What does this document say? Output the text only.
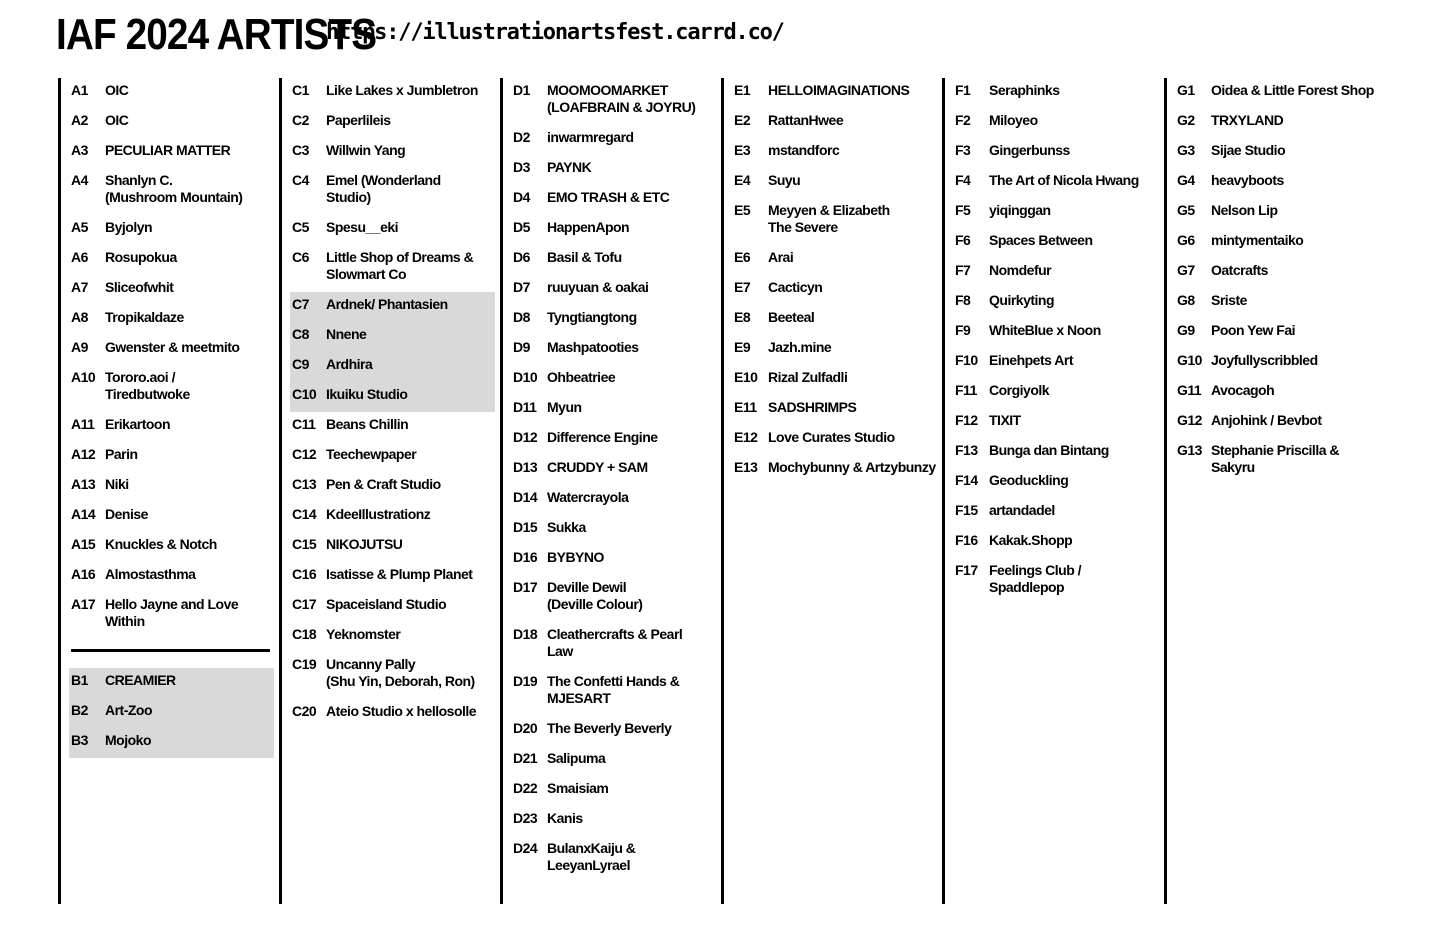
IAF 2024 ARTISTS
https://illustrationartsfest.carrd.co/
A1	OIC
A2	OIC
A3	PECULIAR MATTER
A4	Shanlyn C.
(Mushroom Mountain)
A5	Byjolyn
A6	Rosupokua
A7	Sliceofwhit
A8	Tropikaldaze
A9	Gwenster & meetmito
A10 Tororo.aoi /
Tiredbutwoke
A11 Erikartoon
A12 Parin
A13 Niki
A14 Denise
A15 Knuckles & Notch
A16 Almostasthma
A17 Hello Jayne and Love
Within
B1	CREAMIER
B2	Art-Zoo
B3	Mojoko
C1	Like Lakes x Jumbletron
C2	Paperlileis
C3	Willwin Yang
C4	Emel (Wonderland
Studio)
C5	Spesu__eki
C6	Little Shop of Dreams &
Slowmart Co
C7	Ardnek/ Phantasien
C8	Nnene
C9	Ardhira
C10 Ikuiku Studio
C11 Beans Chillin
C12 Teechewpaper
C13 Pen & Craft Studio
C14 KdeeIllustrationz
C15 NIKOJUTSU
C16 Isatisse & Plump Planet
C17 Spaceisland Studio
C18 Yeknomster
C19 Uncanny Pally
(Shu Yin, Deborah, Ron)
C20 Ateio Studio x hellosolle
D1	MOOMOOMARKET
(LOAFBRAIN & JOYRU)
D2	inwarmregard
D3	PAYNK
D4	EMO TRASH & ETC
D5	HappenApon
D6	Basil & Tofu
D7	ruuyuan & oakai
D8	Tyngtiangtong
D9	Mashpatooties
D10 Ohbeatriee
D11 Myun
D12 Difference Engine
D13 CRUDDY + SAM
D14 Watercrayola
D15 Sukka
D16 BYBYNO
D17 Deville Dewil
(Deville Colour)
D18 Cleathercrafts & Pearl
Law
D19 The Confetti Hands &
MJESART
D20 The Beverly Beverly
D21 Salipuma
D22 Smaisiam
D23 Kanis
D24 BulanxKaiju &
LeeyanLyrael
E1	HELLOIMAGINATIONS
E2	RattanHwee
E3	mstandforc
E4	Suyu
E5	Meyyen & Elizabeth
The Severe
E6	Arai
E7	Cacticyn
E8	Beeteal
E9	Jazh.mine
E10 Rizal Zulfadli
E11 SADSHRIMPS
E12 Love Curates Studio
E13 Mochybunny & Artzybunzy
F1	Seraphinks
F2	Miloyeo
F3	Gingerbunss
F4	The Art of Nicola Hwang
F5	yiqinggan
F6	Spaces Between
F7	Nomdefur
F8	Quirkyting
F9	WhiteBlue x Noon
F10 Einehpets Art
F11 Corgiyolk
F12 TIXIT
F13 Bunga dan Bintang
F14 Geoduckling
F15 artandadel
F16 Kakak.Shopp
F17 Feelings Club /
Spaddlepop
G1	Oidea & Little Forest Shop
G2	TRXYLAND
G3	Sijae Studio
G4	heavyboots
G5	Nelson Lip
G6	mintymentaiko
G7	Oatcrafts
G8	Sriste
G9	Poon Yew Fai
G10 Joyfullyscribbled
G11 Avocagoh
G12 Anjohink / Bevbot
G13 Stephanie Priscilla &
Sakyru
